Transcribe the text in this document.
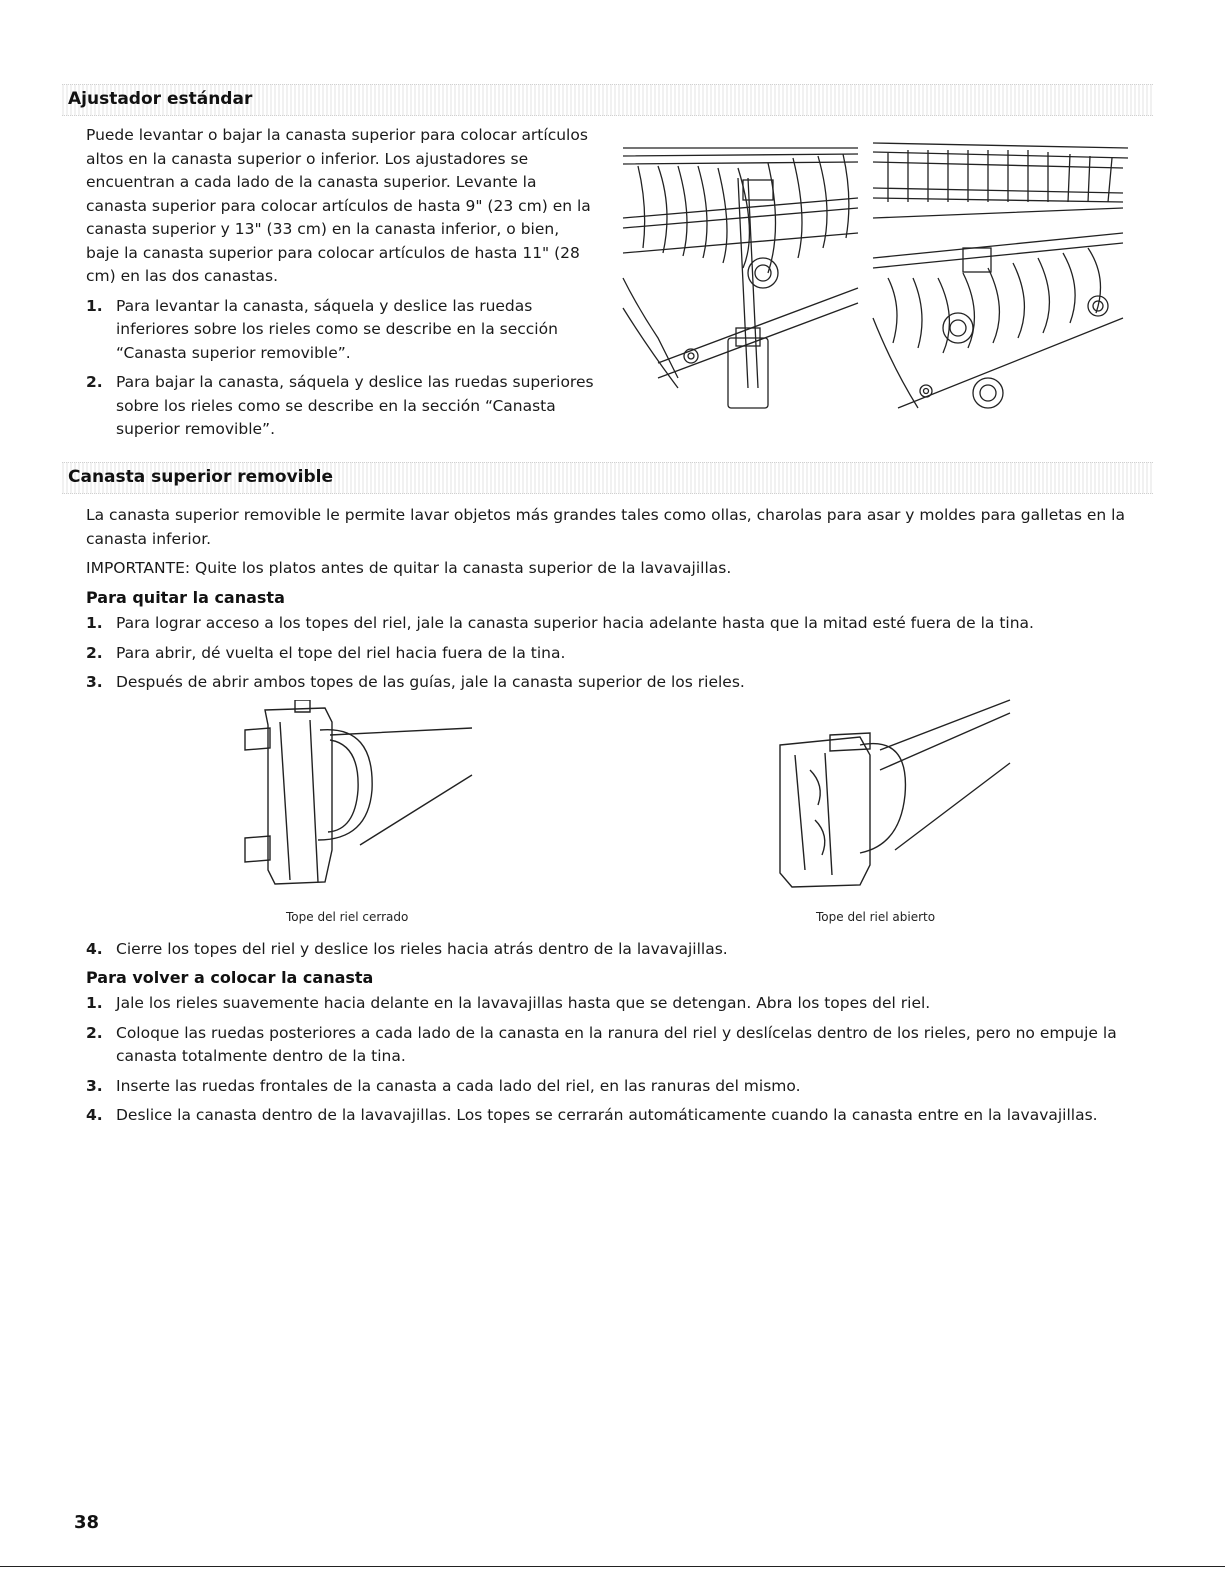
Ajustador estándar

Puede levantar o bajar la canasta superior para colocar artículos altos en la canasta superior o inferior. Los ajustadores se encuentran a cada lado de la canasta superior. Levante la canasta superior para colocar artículos de hasta 9" (23 cm) en la canasta superior y 13" (33 cm) en la canasta inferior, o bien, baje la canasta superior para colocar artículos de hasta 11" (28 cm) en las dos canastas.

1. Para levantar la canasta, sáquela y deslice las ruedas inferiores sobre los rieles como se describe en la sección “Canasta superior removible”.
2. Para bajar la canasta, sáquela y deslice las ruedas superiores sobre los rieles como se describe en la sección “Canasta superior removible”.
Canasta superior removible

La canasta superior removible le permite lavar objetos más grandes tales como ollas, charolas para asar y moldes para galletas en la canasta inferior.

IMPORTANTE: Quite los platos antes de quitar la canasta superior de la lavavajillas.

Para quitar la canasta
1. Para lograr acceso a los topes del riel, jale la canasta superior hacia adelante hasta que la mitad esté fuera de la tina.
2. Para abrir, dé vuelta el tope del riel hacia fuera de la tina.
3. Después de abrir ambos topes de las guías, jale la canasta superior de los rieles.
Tope del riel cerrado	Tope del riel abierto
4. Cierre los topes del riel y deslice los rieles hacia atrás dentro de la lavavajillas.
Para volver a colocar la canasta
1. Jale los rieles suavemente hacia delante en la lavavajillas hasta que se detengan. Abra los topes del riel.
2. Coloque las ruedas posteriores a cada lado de la canasta en la ranura del riel y deslícelas dentro de los rieles, pero no empuje la canasta totalmente dentro de la tina.
3. Inserte las ruedas frontales de la canasta a cada lado del riel, en las ranuras del mismo.
4. Deslice la canasta dentro de la lavavajillas. Los topes se cerrarán automáticamente cuando la canasta entre en la lavavajillas.
38
